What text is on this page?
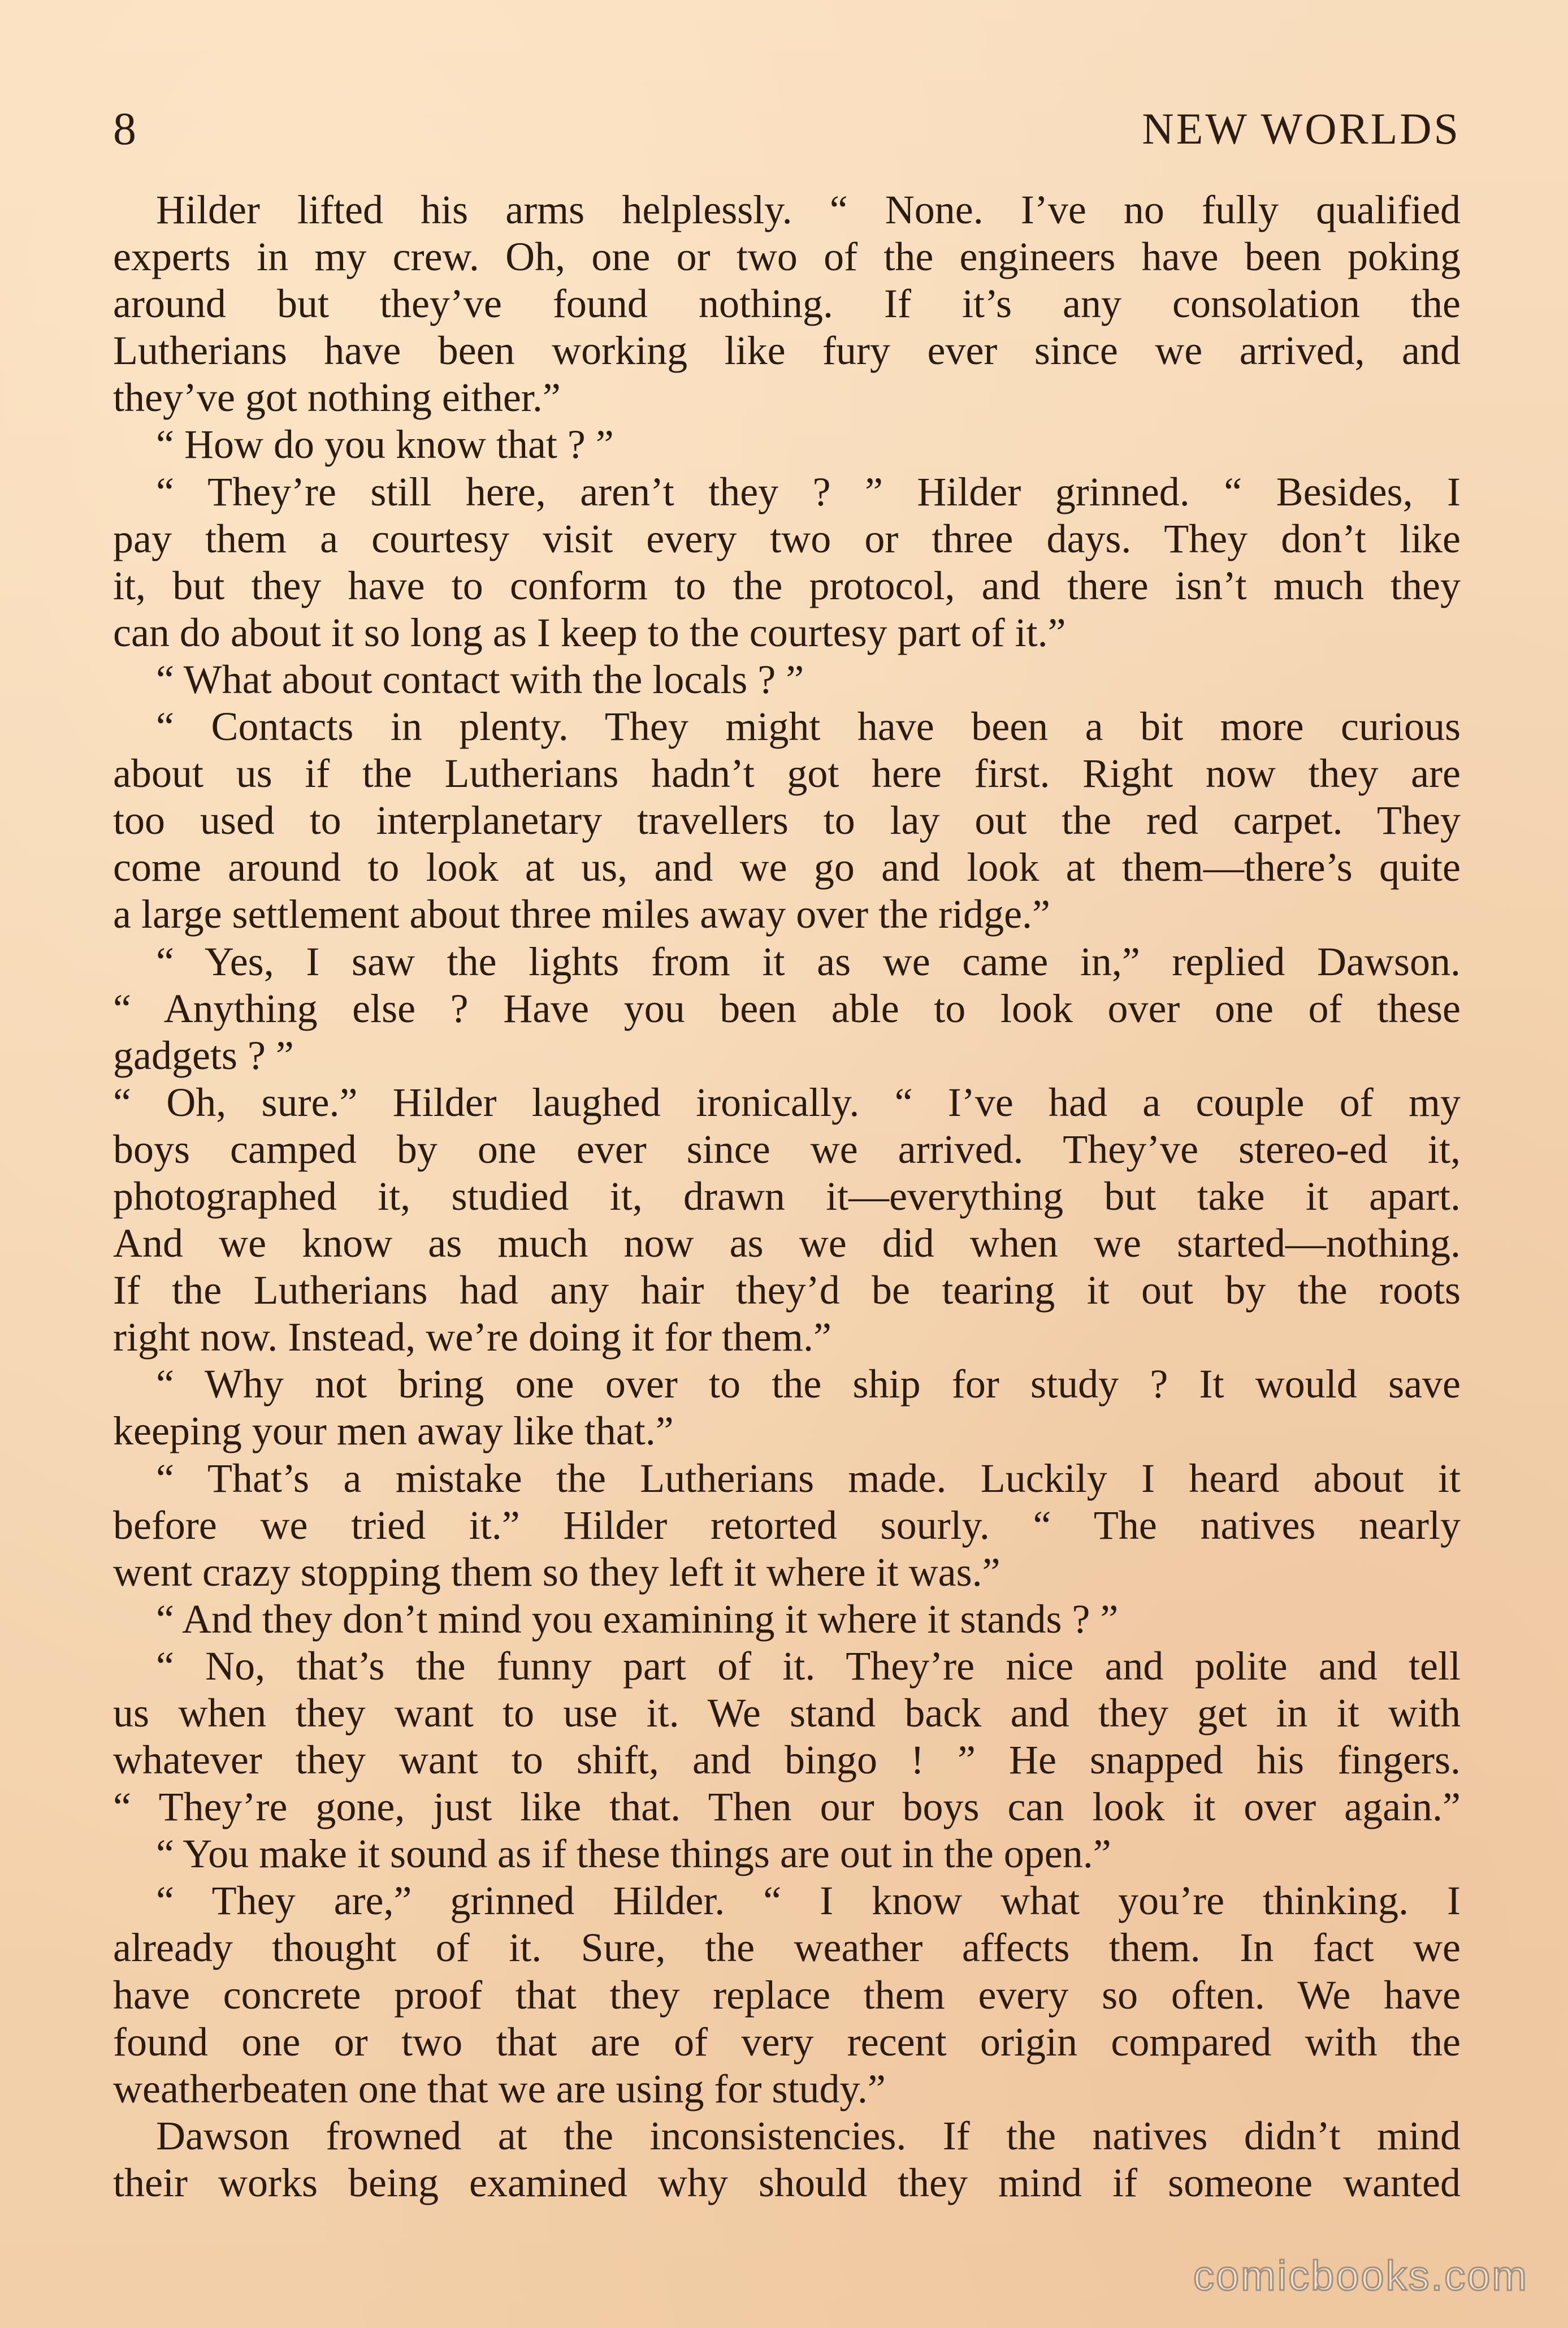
8	NEW WORLDS
Hilder lifted his arms helplessly. “ None. I’ve no fully qualified
experts in my crew. Oh, one or two of the engineers have been poking
around but they’ve found nothing. If it’s any consolation the
Lutherians have been working like fury ever since we arrived, and
they’ve got nothing either.”
“ How do you know that ? ”
“ They’re still here, aren’t they ? ” Hilder grinned. “ Besides, I
pay them a courtesy visit every two or three days. They don’t like
it, but they have to conform to the protocol, and there isn’t much they
can do about it so long as I keep to the courtesy part of it.”
“ What about contact with the locals ? ”
“ Contacts in plenty. They might have been a bit more curious
about us if the Lutherians hadn’t got here first. Right now they are
too used to interplanetary travellers to lay out the red carpet. They
come around to look at us, and we go and look at them—there’s quite
a large settlement about three miles away over the ridge.”
“ Yes, I saw the lights from it as we came in,” replied Dawson.
“ Anything else ? Have you been able to look over one of these
gadgets ? ”
“ Oh, sure.” Hilder laughed ironically. “ I’ve had a couple of my
boys camped by one ever since we arrived. They’ve stereo-ed it,
photographed it, studied it, drawn it—everything but take it apart.
And we know as much now as we did when we started—nothing.
If the Lutherians had any hair they’d be tearing it out by the roots
right now. Instead, we’re doing it for them.”
“ Why not bring one over to the ship for study ? It would save
keeping your men away like that.”
“ That’s a mistake the Lutherians made. Luckily I heard about it
before we tried it.” Hilder retorted sourly. “ The natives nearly
went crazy stopping them so they left it where it was.”
“ And they don’t mind you examining it where it stands ? ”
“ No, that’s the funny part of it. They’re nice and polite and tell
us when they want to use it. We stand back and they get in it with
whatever they want to shift, and bingo ! ” He snapped his fingers.
“ They’re gone, just like that. Then our boys can look it over again.”
“ You make it sound as if these things are out in the open.”
“ They are,” grinned Hilder. “ I know what you’re thinking. I
already thought of it. Sure, the weather affects them. In fact we
have concrete proof that they replace them every so often. We have
found one or two that are of very recent origin compared with the
weatherbeaten one that we are using for study.”
Dawson frowned at the inconsistencies. If the natives didn’t mind
their works being examined why should they mind if someone wanted
comicbooks.com
